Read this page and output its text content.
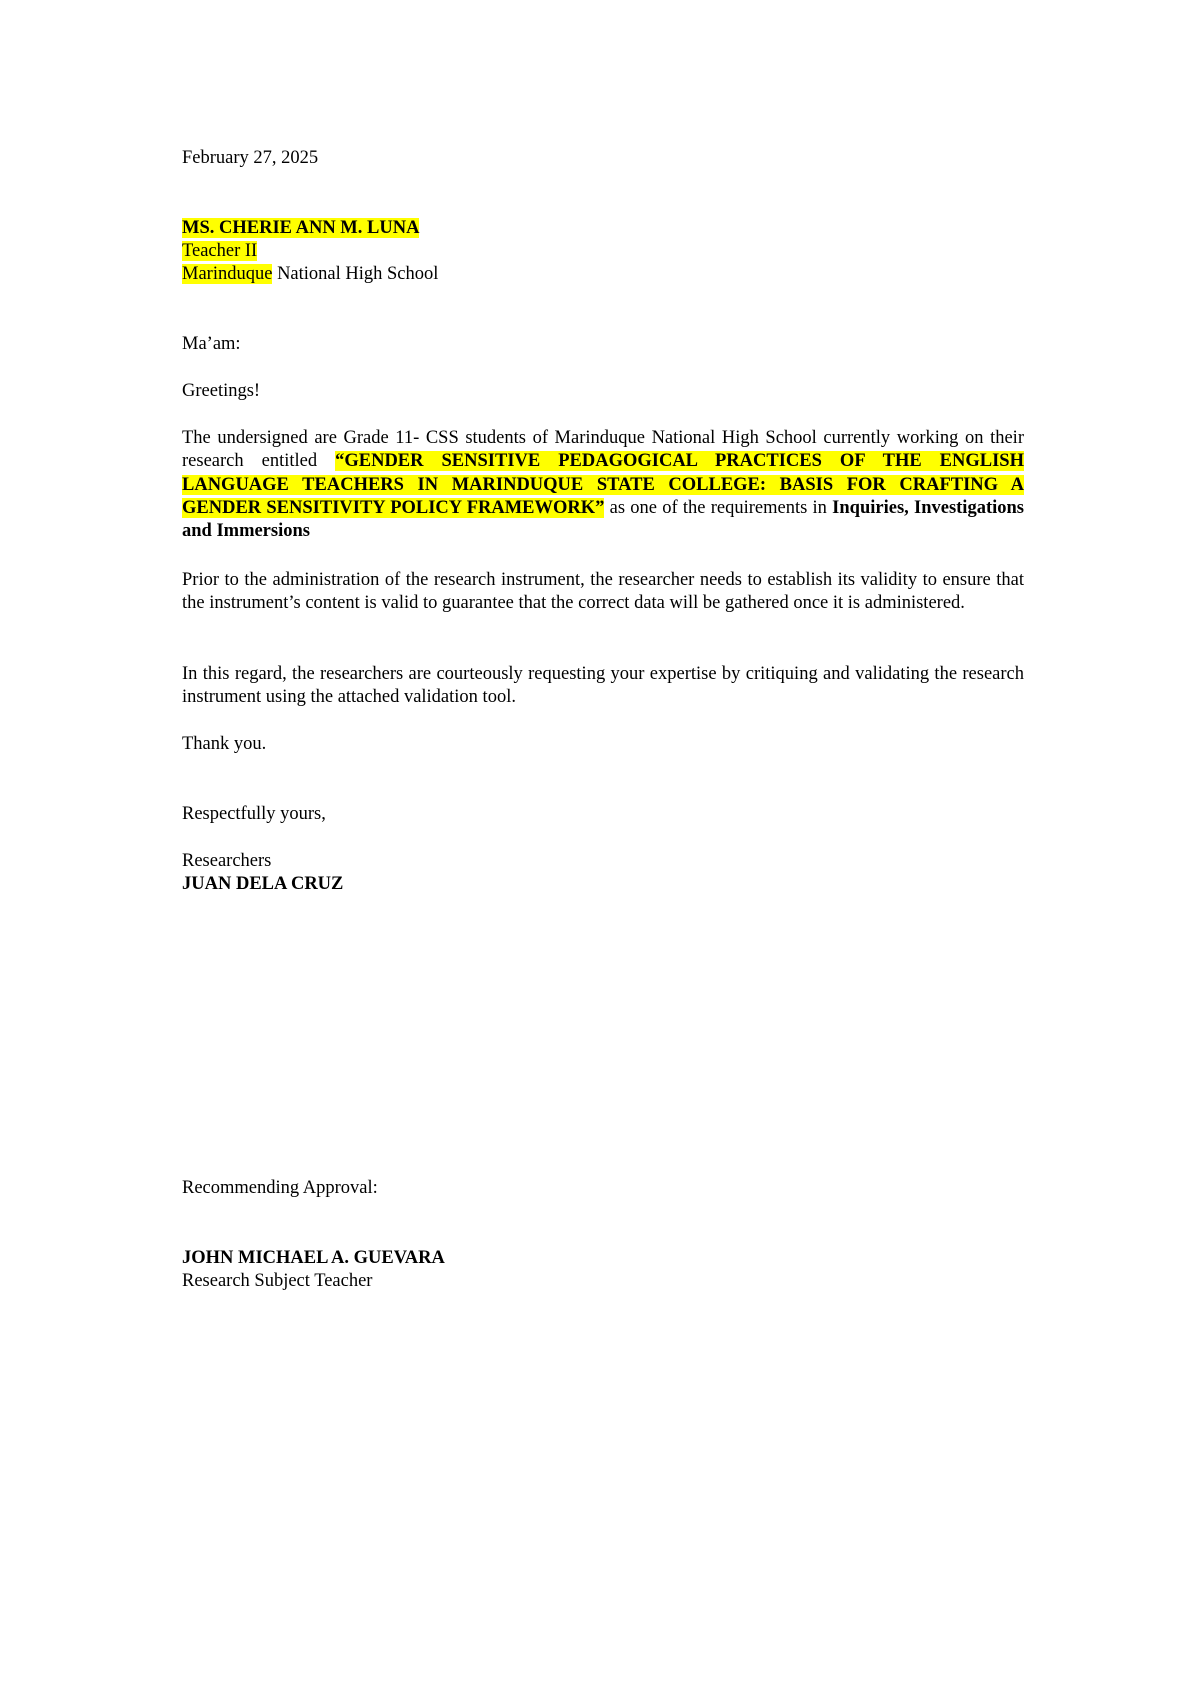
February 27, 2025
MS. CHERIE ANN M. LUNA
Teacher II
Marinduque National High School
Ma’am:
Greetings!
The undersigned are Grade 11- CSS students of Marinduque National High School currently working on their research entitled “GENDER SENSITIVE PEDAGOGICAL PRACTICES OF THE ENGLISH LANGUAGE TEACHERS IN MARINDUQUE STATE COLLEGE: BASIS FOR CRAFTING A GENDER SENSITIVITY POLICY FRAMEWORK” as one of the requirements in Inquiries, Investigations and Immersions
Prior to the administration of the research instrument, the researcher needs to establish its validity to ensure that the instrument’s content is valid to guarantee that the correct data will be gathered once it is administered.
In this regard, the researchers are courteously requesting your expertise by critiquing and validating the research instrument using the attached validation tool.
Thank you.
Respectfully yours,
Researchers
JUAN DELA CRUZ
Recommending Approval:
JOHN MICHAEL A. GUEVARA
Research Subject Teacher
